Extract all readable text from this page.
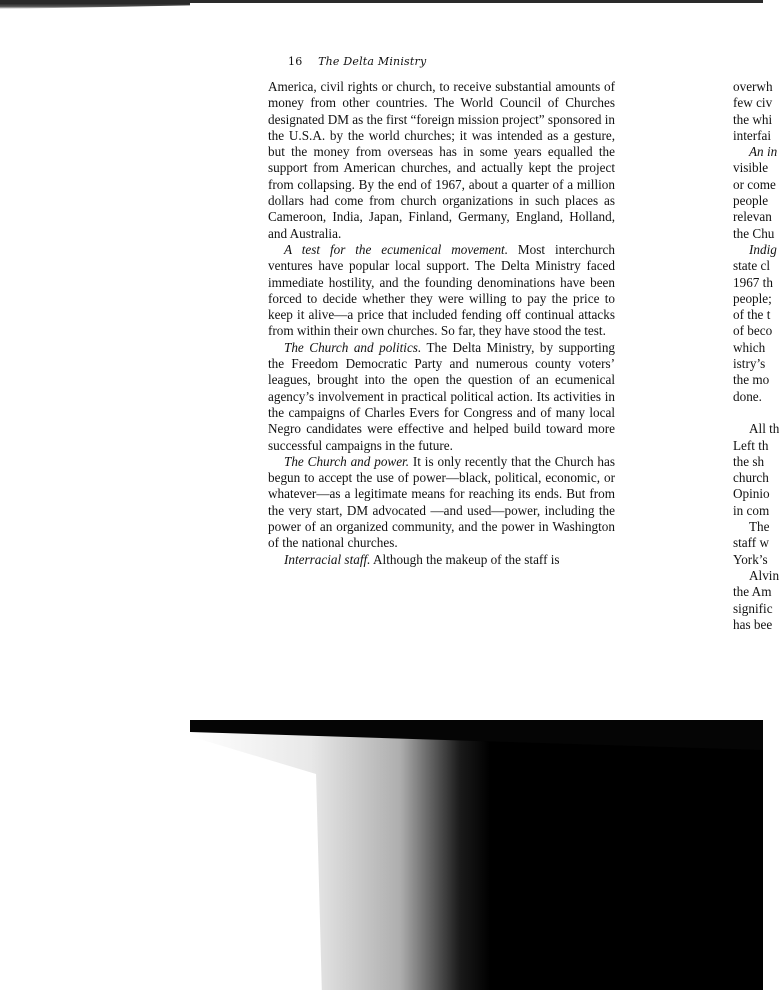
16 The Delta Ministry

America, civil rights or church, to receive substantial amounts of money from other countries. The World Council of Churches designated DM as the first “foreign mission project” sponsored in the U.S.A. by the world churches; it was intended as a gesture, but the money from overseas has in some years equalled the support from American churches, and actually kept the project from collapsing. By the end of 1967, about a quarter of a million dollars had come from church organizations in such places as Cameroon, India, Japan, Finland, Germany, England, Holland, and Australia.

A test for the ecumenical movement. Most interchurch ventures have popular local support. The Delta Ministry faced immediate hostility, and the founding denominations have been forced to decide whether they were willing to pay the price to keep it alive—a price that included fending off continual attacks from within their own churches. So far, they have stood the test.

The Church and politics. The Delta Ministry, by supporting the Freedom Democratic Party and numerous county voters’ leagues, brought into the open the question of an ecumenical agency’s involvement in practical political action. Its activities in the campaigns of Charles Evers for Congress and of many local Negro candidates were effective and helped build toward more successful campaigns in the future.

The Church and power. It is only recently that the Church has begun to accept the use of power—black, political, economic, or whatever—as a legitimate means for reaching its ends. But from the very start, DM advocated —and used—power, including the power of an organized community, and the power in Washington of the national churches.

Interracial staff. Although the makeup of the staff is

overwh
few civ
the whi
interfai
An in
visible
or come
people
relevan
the Chu
Indig
state cl
1967 th
people;
of the t
of beco
which
istry’s
the mo
done.
All th
Left th
the sh
church
Opinio
in com
The
staff w
York’s
Alvin
the Am
signific
has bee
